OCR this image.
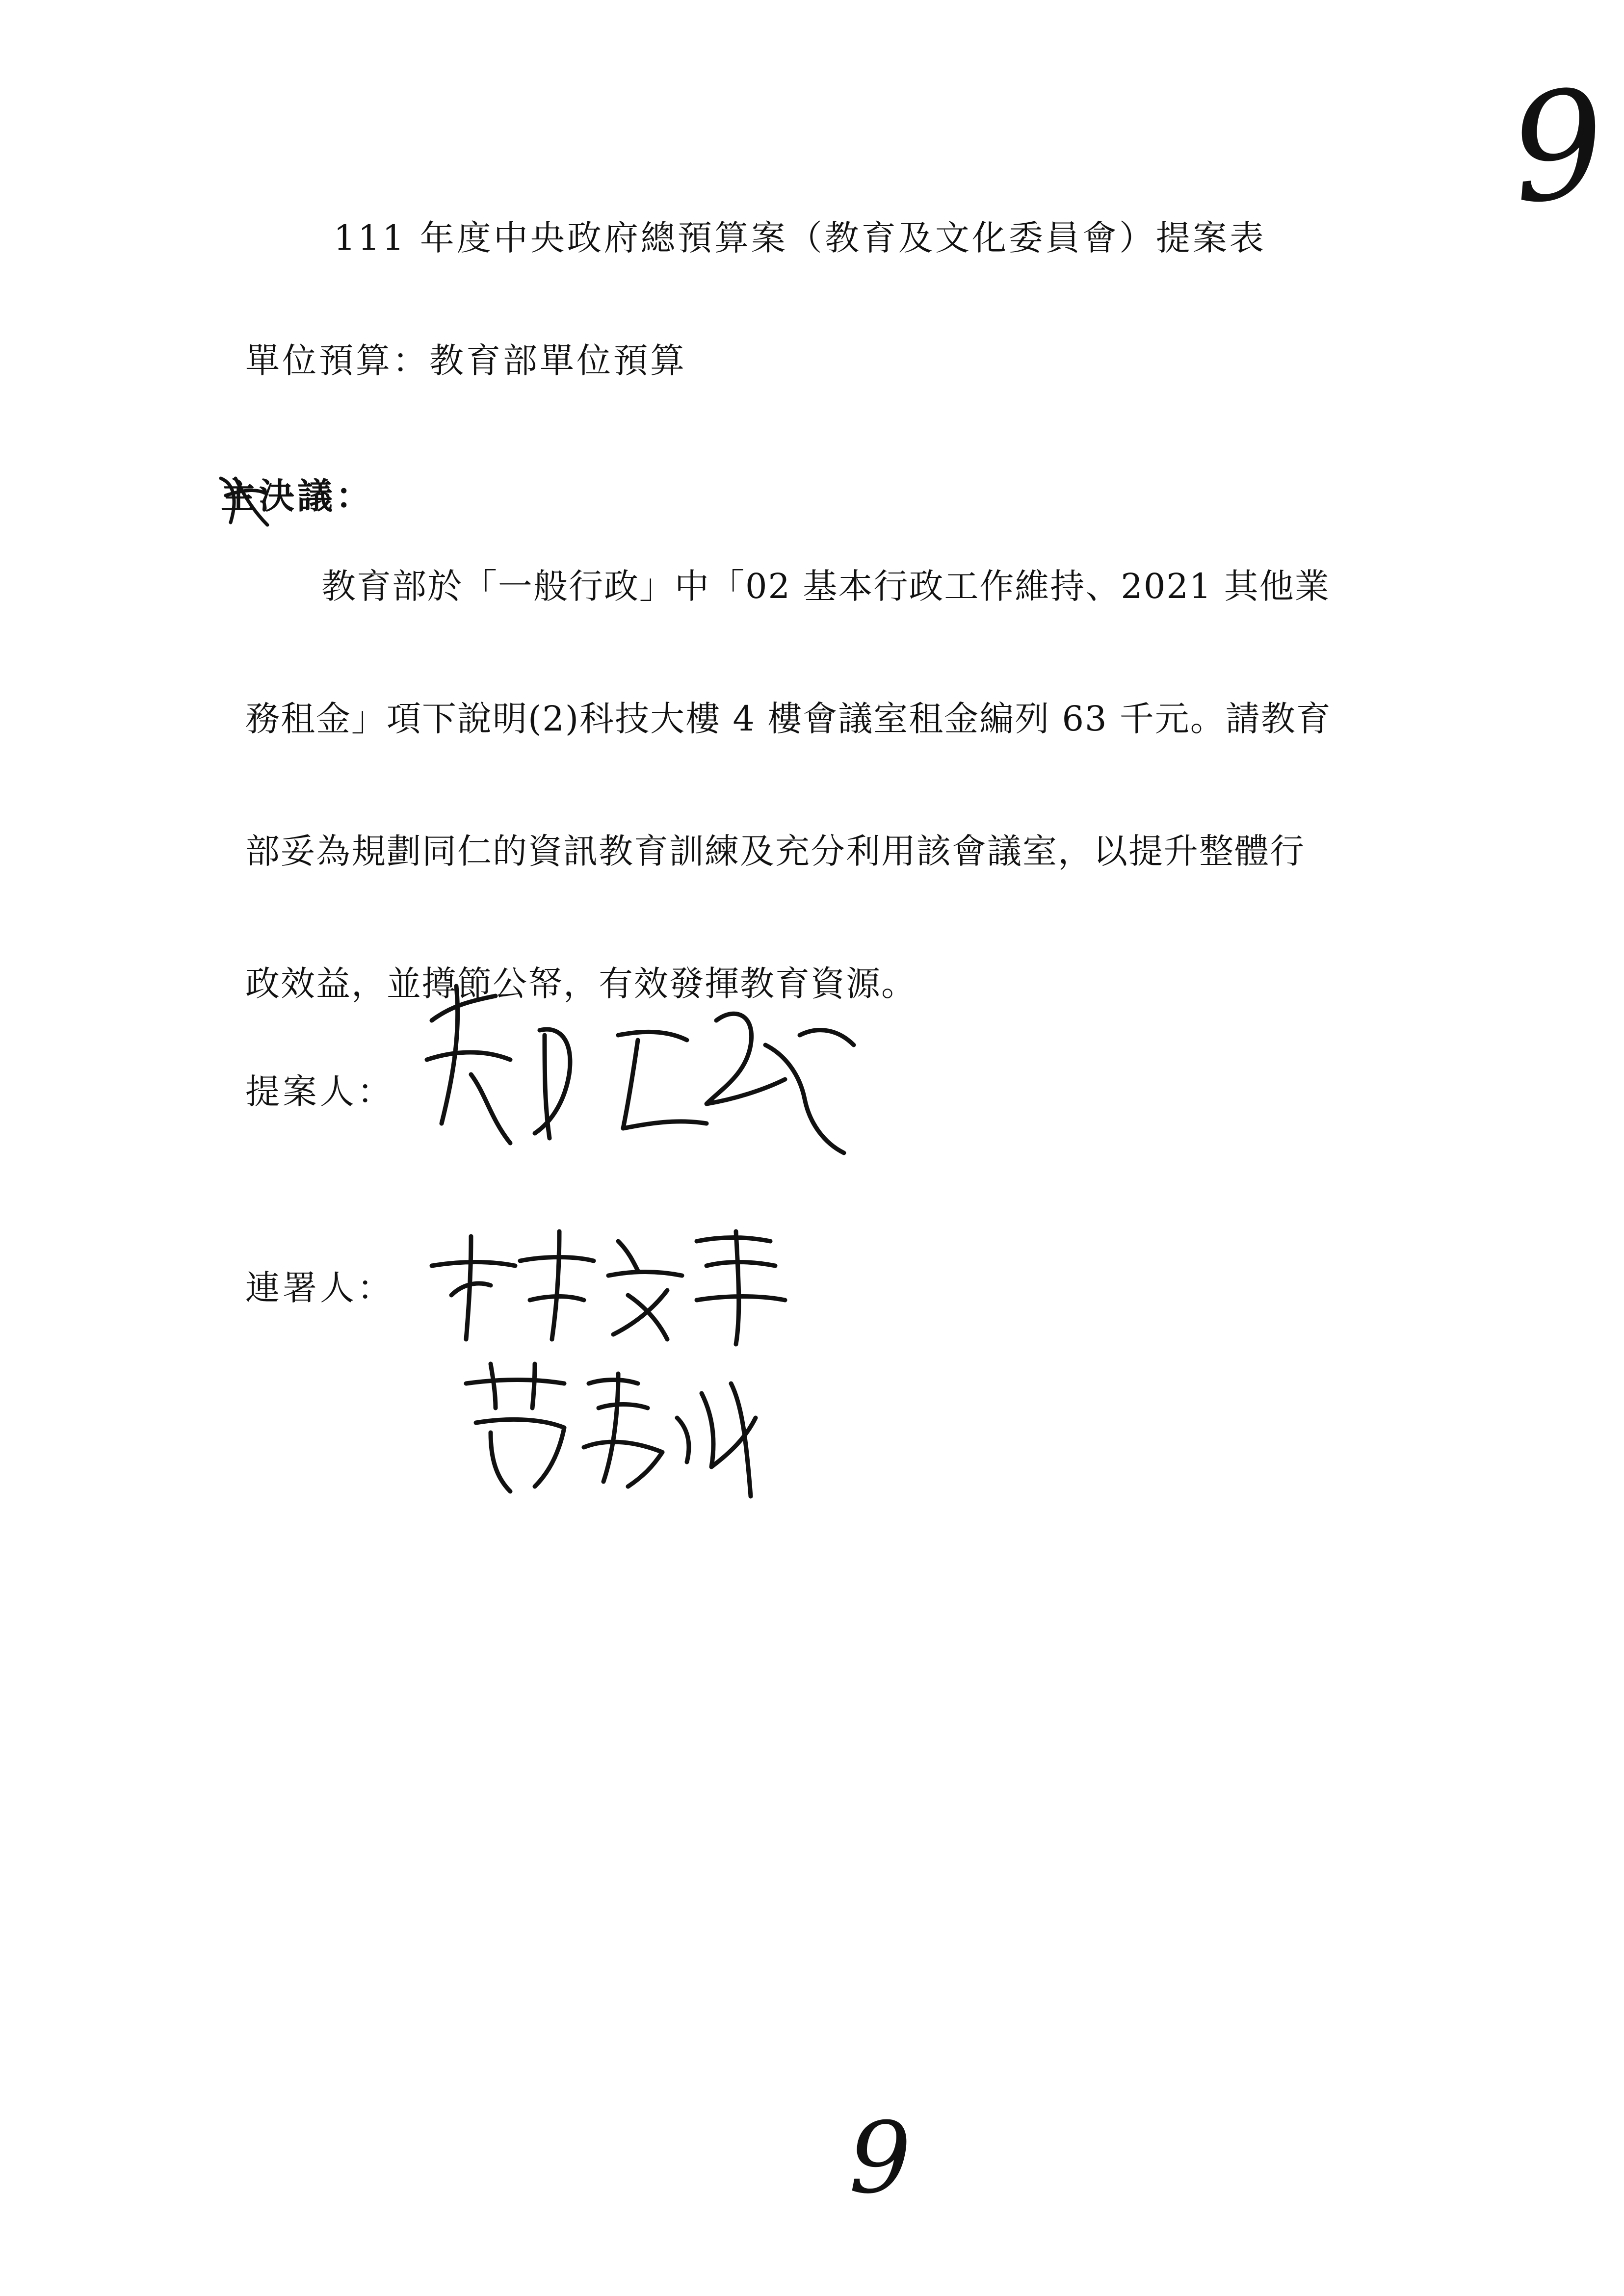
9
111 年度中央政府總預算案（教育及文化委員會）提案表
單位預算：教育部單位預算
主決議：
教育部於「一般行政」中「02 基本行政工作維持、2021 其他業
務租金」項下說明(2)科技大樓 4 樓會議室租金編列 63 千元。請教育
部妥為規劃同仁的資訊教育訓練及充分利用該會議室，以提升整體行
政效益，並撙節公帑，有效發揮教育資源。
提案人：
連署人：
9
